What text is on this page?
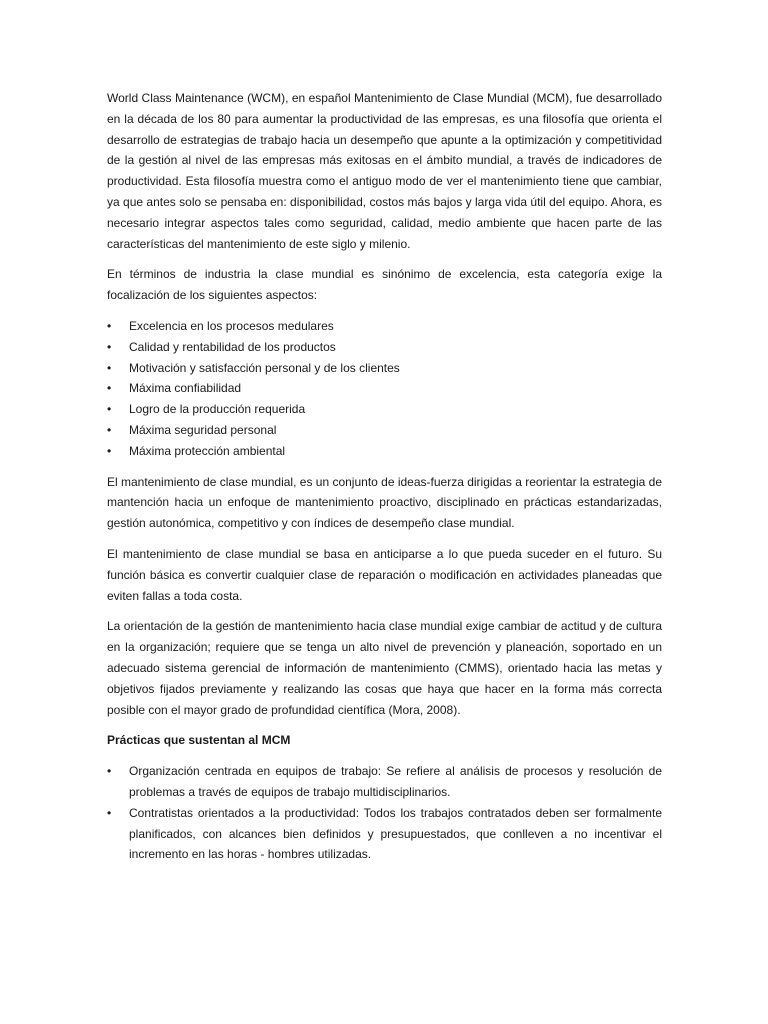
World Class Maintenance (WCM), en español Mantenimiento de Clase Mundial (MCM), fue desarrollado en la década de los 80 para aumentar la productividad de las empresas, es una filosofía que orienta el desarrollo de estrategias de trabajo hacia un desempeño que apunte a la optimización y competitividad de la gestión al nivel de las empresas más exitosas en el ámbito mundial, a través de indicadores de productividad. Esta filosofía muestra como el antiguo modo de ver el mantenimiento tiene que cambiar, ya que antes solo se pensaba en: disponibilidad, costos más bajos y larga vida útil del equipo. Ahora, es necesario integrar aspectos tales como seguridad, calidad, medio ambiente que hacen parte de las características del mantenimiento de este siglo y milenio.

En términos de industria la clase mundial es sinónimo de excelencia, esta categoría exige la focalización de los siguientes aspectos:

•	Excelencia en los procesos medulares
•	Calidad y rentabilidad de los productos
•	Motivación y satisfacción personal y de los clientes
•	Máxima confiabilidad
•	Logro de la producción requerida
•	Máxima seguridad personal
•	Máxima protección ambiental

El mantenimiento de clase mundial, es un conjunto de ideas-fuerza dirigidas a reorientar la estrategia de mantención hacia un enfoque de mantenimiento proactivo, disciplinado en prácticas estandarizadas, gestión autonómica, competitivo y con índices de desempeño clase mundial.

El mantenimiento de clase mundial se basa en anticiparse a lo que pueda suceder en el futuro. Su función básica es convertir cualquier clase de reparación o modificación en actividades planeadas que eviten fallas a toda costa.

La orientación de la gestión de mantenimiento hacia clase mundial exige cambiar de actitud y de cultura en la organización; requiere que se tenga un alto nivel de prevención y planeación, soportado en un adecuado sistema gerencial de información de mantenimiento (CMMS), orientado hacia las metas y objetivos fijados previamente y realizando las cosas que haya que hacer en la forma más correcta posible con el mayor grado de profundidad científica (Mora, 2008).

Prácticas que sustentan al MCM

•	Organización centrada en equipos de trabajo: Se refiere al análisis de procesos y resolución de problemas a través de equipos de trabajo multidisciplinarios.
•	Contratistas orientados a la productividad: Todos los trabajos contratados deben ser formalmente planificados, con alcances bien definidos y presupuestados, que conlleven a no incentivar el incremento en las horas - hombres utilizadas.
